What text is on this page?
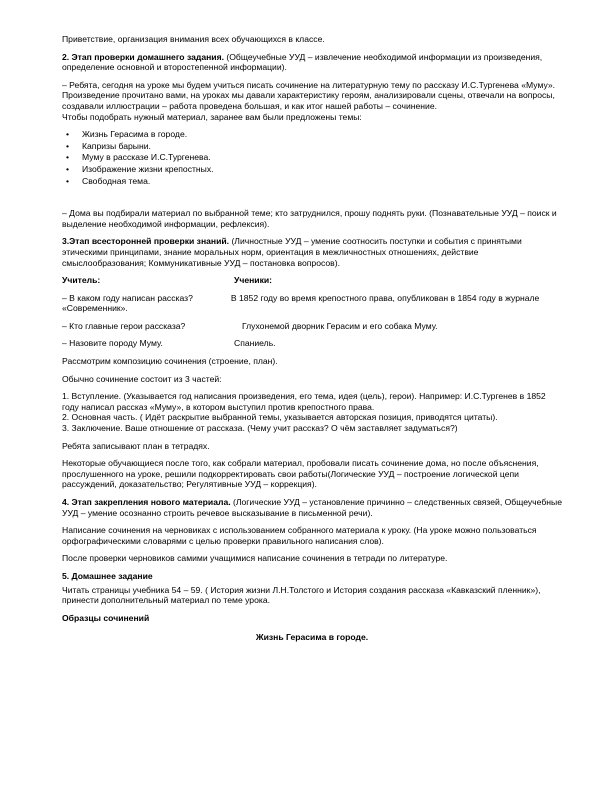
Приветствие, организация внимания всех обучающихся в классе.

2. Этап проверки домашнего задания. (Общеучебные УУД – извлечение необходимой информации из произведения, определение основной и второстепенной информации).

– Ребята, сегодня на уроке мы будем учиться писать сочинение на литературную тему по рассказу И.С.Тургенева «Муму». Произведение прочитано вами, на уроках мы давали характеристику героям, анализировали сцены, отвечали на вопросы, создавали иллюстрации – работа проведена большая, и как итог нашей работы – сочинение.

Чтобы подобрать нужный материал, заранее вам были предложены темы:

• Жизнь Герасима в городе.
• Капризы барыни.
• Муму в рассказе И.С.Тургенева.
• Изображение жизни крепостных.
• Свободная тема.

– Дома вы подбирали материал по выбранной теме; кто затруднился, прошу поднять руки. (Познавательные УУД – поиск и выделение необходимой информации, рефлексия).

3.Этап всесторонней проверки знаний. (Личностные УУД – умение соотносить поступки и события с принятыми этическими принципами, знание моральных норм, ориентация в межличностных отношениях, действие смыслообразования; Коммуникативные УУД – постановка вопросов).

Учитель:	Ученики:

– В каком году написан рассказ?	В 1852 году во время крепостного права, опубликован в 1854 году в журнале «Современник».

– Кто главные герои рассказа?	Глухонемой дворник Герасим и его собака Муму.
– Назовите породу Муму.	Спаниель.

Рассмотрим композицию сочинения (строение, план).

Обычно сочинение состоит из 3 частей:

1. Вступление. (Указывается год написания произведения, его тема, идея (цель), герои). Например: И.С.Тургенев в 1852 году написал рассказ «Муму», в котором выступил против крепостного права.
2. Основная часть. ( Идёт раскрытие выбранной темы, указывается авторская позиция, приводятся цитаты).
3. Заключение. Ваше отношение от рассказа. (Чему учит рассказ? О чём заставляет задуматься?)

Ребята записывают план в тетрадях.

Некоторые обучающиеся после того, как собрали материал, пробовали писать сочинение дома, но после объяснения, прослушенного на уроке, решили подкорректировать свои работы(Логические УУД – построение логической цепи рассуждений, доказательство; Регулятивные УУД – коррекция).

4. Этап закрепления нового материала. (Логические УУД – установление причинно – следственных связей, Общеучебные УУД – умение осознанно строить речевое высказывание в письменной речи).

Написание сочинения на черновиках с использованием собранного материала к уроку. (На уроке можно пользоваться орфографическими словарями с целью проверки правильного написания слов).

После проверки черновиков самими учащимися написание сочинения в тетради по литературе.

5. Домашнее задание

Читать страницы учебника 54 – 59. ( История жизни Л.Н.Толстого и История создания рассказа «Кавказский пленник»), принести дополнительный материал по теме урока.

Образцы сочинений

Жизнь Герасима в городе.
